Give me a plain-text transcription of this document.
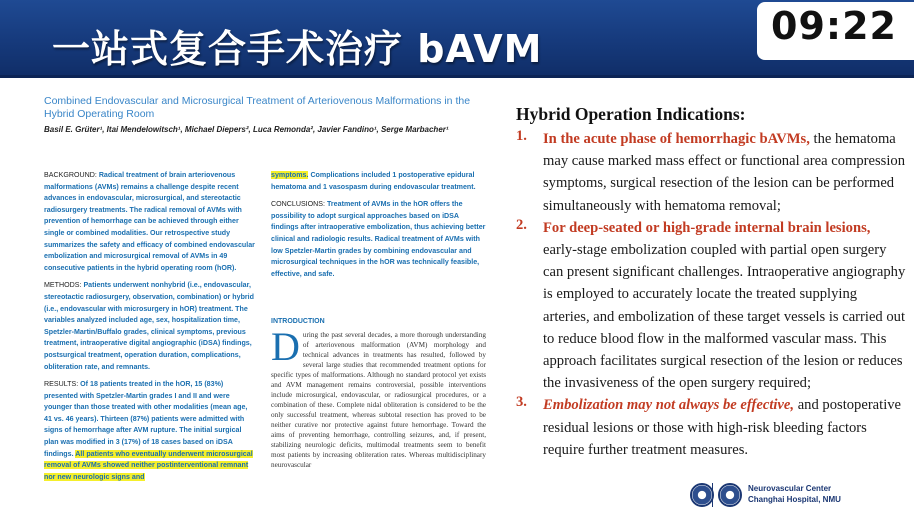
一站式复合手术治疗 bAVM
09:22
Combined Endovascular and Microsurgical Treatment of Arteriovenous Malformations in the Hybrid Operating Room
Basil E. Grüter¹, Itai Mendelowitsch¹, Michael Diepers², Luca Remonda², Javier Fandino¹, Serge Marbacher¹

BACKGROUND: Radical treatment of brain arteriovenous malformations (AVMs) remains a challenge despite recent advances in endovascular, microsurgical, and stereotactic radiosurgery treatments. The radical removal of AVMs with prevention of hemorrhage can be achieved through either single or combined modalities. Our retrospective study summarizes the safety and efficacy of combined endovascular embolization and microsurgical removal of AVMs in 49 consecutive patients in the hybrid operating room (hOR).

METHODS: Patients underwent nonhybrid (i.e., endovascular, stereotactic radiosurgery, observation, combination) or hybrid (i.e., endovascular with microsurgery in hOR) treatment. The variables analyzed included age, sex, hospitalization time, Spetzler-Martin/Buffalo grades, clinical symptoms, previous treatment, intraoperative digital angiographic (iDSA) findings, postsurgical treatment, operation duration, complications, obliteration rate, and remnants.

RESULTS: Of 18 patients treated in the hOR, 15 (83%) presented with Spetzler-Martin grades I and II and were younger than those treated with other modalities (mean age, 41 vs. 46 years). Thirteen (87%) patients were admitted with signs of hemorrhage after AVM rupture. The initial surgical plan was modified in 3 (17%) of 18 cases based on iDSA findings. All patients who eventually underwent microsurgical removal of AVMs showed neither postinterventional remnant nor new neurologic signs and

symptoms. Complications included 1 postoperative epidural hematoma and 1 vasospasm during endovascular treatment.

CONCLUSIONS: Treatment of AVMs in the hOR offers the possibility to adopt surgical approaches based on iDSA findings after intraoperative embolization, thus achieving better clinical and radiologic results. Radical treatment of AVMs with low Spetzler-Martin grades by combining endovascular and microsurgical techniques in the hOR was technically feasible, effective, and safe.

INTRODUCTION
During the past several decades, a more thorough understanding of arteriovenous malformation (AVM) morphology and technical advances in treatments has resulted, followed by several large studies that recommended treatment options for specific types of malformations. Although no standard protocol yet exists and AVM management remains controversial, possible interventions include microsurgical, endovascular, or radiosurgical procedures, or a combination of these. Complete nidal obliteration is considered to be the only successful treatment, whereas subtotal resection has proved to be neither curative nor protective against future hemorrhage. Toward the aims of preventing hemorrhage, controlling seizures, and, if present, stabilizing neurologic deficits, multimodal treatments seem to benefit most patients by increasing obliteration rates. Whereas multidisciplinary neurovascular
Hybrid Operation Indications:
1. In the acute phase of hemorrhagic bAVMs, the hematoma may cause marked mass effect or functional area compression symptoms, surgical resection of the lesion can be performed simultaneously with hematoma removal;
2. For deep-seated or high-grade internal brain lesions, early-stage embolization coupled with partial open surgery can present significant challenges. Intraoperative angiography is employed to accurately locate the treated supplying arteries, and embolization of these target vessels is carried out to reduce blood flow in the malformed vascular mass. This approach facilitates surgical resection of the lesion or reduces the invasiveness of the open surgery required;
3. Embolization may not always be effective, and postoperative residual lesions or those with high-risk bleeding factors require further treatment measures.
Neurovascular Center
Changhai Hospital, NMU
